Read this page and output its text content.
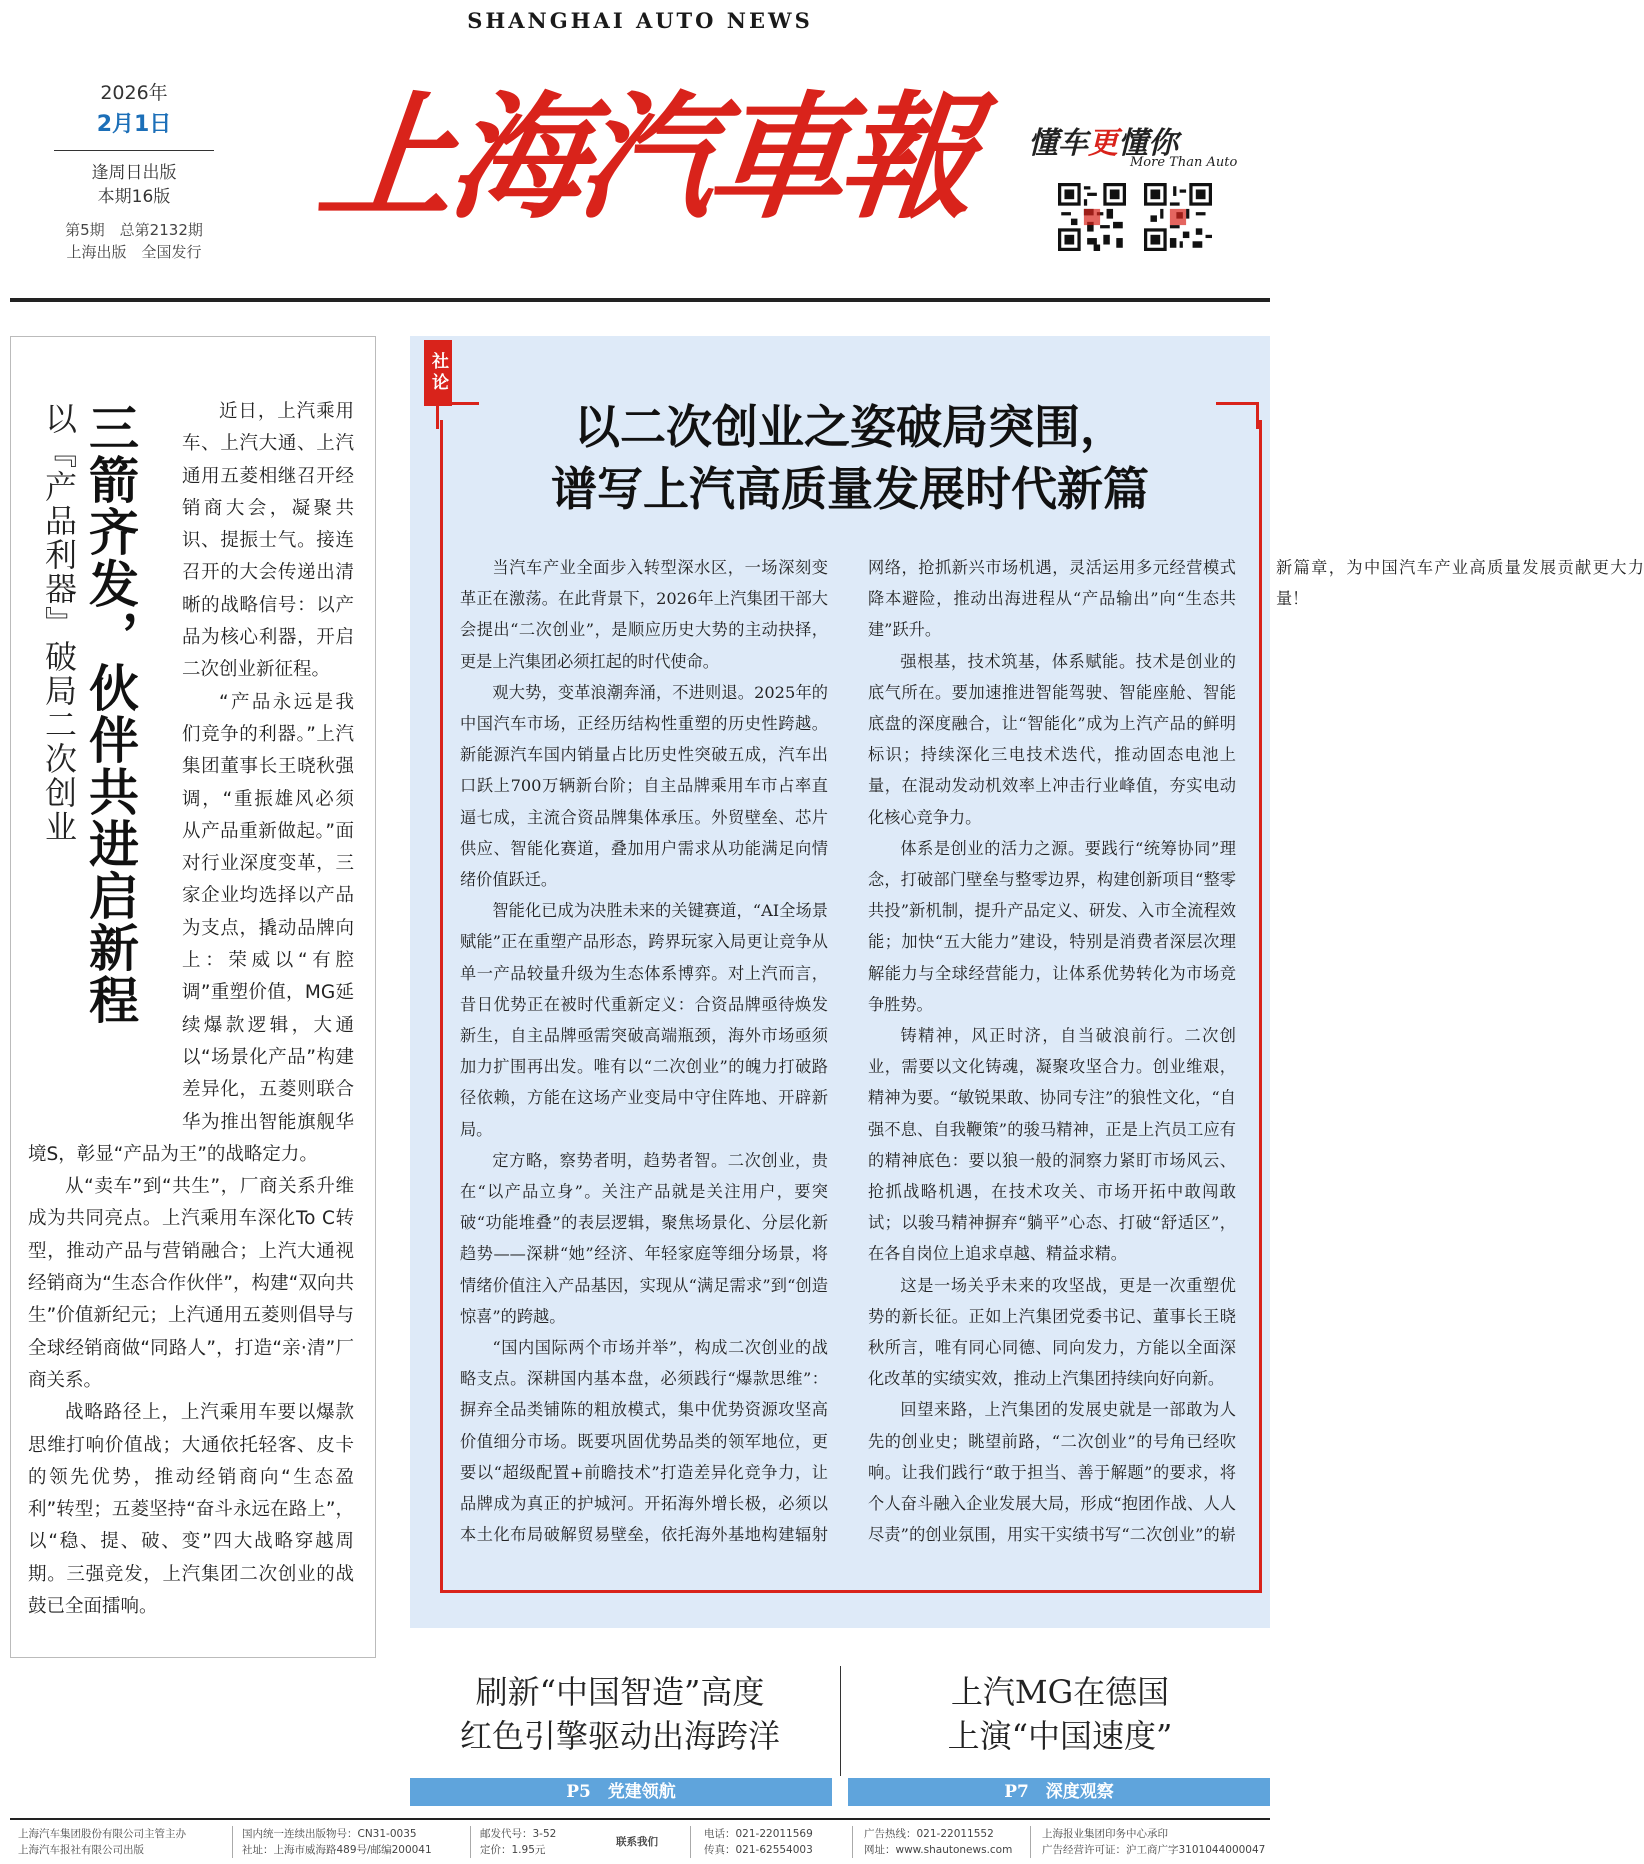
SHANGHAI AUTO NEWS
2026年
2月1日
逢周日出版
本期16版
第5期　总第2132期
上海出版　全国发行
上海汽車報 懂车更懂你
More Than Auto
以『产品利器』破局二次创业 三箭齐发，伙伴共进启新程	近日，上汽乘用车、上汽大通、上汽通用五菱相继召开经销商大会，凝聚共识、提振士气。接连召开的大会传递出清晰的战略信号：以产品为核心利器，开启二次创业新征程。

“产品永远是我们竞争的利器。”上汽集团董事长王晓秋强调，“重振雄风必须从产品重新做起。”面对行业深度变革，三家企业均选择以产品为支点，撬动品牌向上：荣威以“有腔调”重塑价值，MG延续爆款逻辑，大通以“场景化产品”构建差异化，五菱则联合华为推出智能旗舰华境S，彰显“产品为王”的战略定力。

从“卖车”到“共生”，厂商关系升维成为共同亮点。上汽乘用车深化To C转型，推动产品与营销融合；上汽大通视经销商为“生态合作伙伴”，构建“双向共生”价值新纪元；上汽通用五菱则倡导与全球经销商做“同路人”，打造“亲·清”厂商关系。

战略路径上，上汽乘用车要以爆款思维打响价值战；大通依托轻客、皮卡的领先优势，推动经销商向“生态盈利”转型；五菱坚持“奋斗永远在路上”，以“稳、提、破、变”四大战略穿越周期。三强竞发，上汽集团二次创业的战鼓已全面擂响。

社论
以二次创业之姿破局突围，
谱写上汽高质量发展时代新篇

当汽车产业全面步入转型深水区，一场深刻变革正在激荡。在此背景下，2026年上汽集团干部大会提出“二次创业”，是顺应历史大势的主动抉择，更是上汽集团必须扛起的时代使命。

观大势，变革浪潮奔涌，不进则退。2025年的中国汽车市场，正经历结构性重塑的历史性跨越。新能源汽车国内销量占比历史性突破五成，汽车出口跃上700万辆新台阶；自主品牌乘用车市占率直逼七成，主流合资品牌集体承压。外贸壁垒、芯片供应、智能化赛道，叠加用户需求从功能满足向情绪价值跃迁。

智能化已成为决胜未来的关键赛道，“AI全场景赋能”正在重塑产品形态，跨界玩家入局更让竞争从单一产品较量升级为生态体系博弈。对上汽而言，昔日优势正在被时代重新定义：合资品牌亟待焕发新生，自主品牌亟需突破高端瓶颈，海外市场亟须加力扩围再出发。唯有以“二次创业”的魄力打破路径依赖，方能在这场产业变局中守住阵地、开辟新局。

定方略，察势者明，趋势者智。二次创业，贵在“以产品立身”。关注产品就是关注用户，要突破“功能堆叠”的表层逻辑，聚焦场景化、分层化新趋势——深耕“她”经济、年轻家庭等细分场景，将情绪价值注入产品基因，实现从“满足需求”到“创造惊喜”的跨越。

“国内国际两个市场并举”，构成二次创业的战略支点。深耕国内基本盘，必须践行“爆款思维”：摒弃全品类铺陈的粗放模式，集中优势资源攻坚高价值细分市场。既要巩固优势品类的领军地位，更要以“超级配置+前瞻技术”打造差异化竞争力，让品牌成为真正的护城河。开拓海外增长极，必须以本土化布局破解贸易壁垒，依托海外基地构建辐射网络，抢抓新兴市场机遇，灵活运用多元经营模式降本避险，推动出海进程从“产品输出”向“生态共建”跃升。

强根基，技术筑基，体系赋能。技术是创业的底气所在。要加速推进智能驾驶、智能座舱、智能底盘的深度融合，让“智能化”成为上汽产品的鲜明标识；持续深化三电技术迭代，推动固态电池上量，在混动发动机效率上冲击行业峰值，夯实电动化核心竞争力。

体系是创业的活力之源。要践行“统筹协同”理念，打破部门壁垒与整零边界，构建创新项目“整零共投”新机制，提升产品定义、研发、入市全流程效能；加快“五大能力”建设，特别是消费者深层次理解能力与全球经营能力，让体系优势转化为市场竞争胜势。

铸精神，风正时济，自当破浪前行。二次创业，需要以文化铸魂，凝聚攻坚合力。创业维艰，精神为要。“敏锐果敢、协同专注”的狼性文化，“自强不息、自我鞭策”的骏马精神，正是上汽员工应有的精神底色：要以狼一般的洞察力紧盯市场风云、抢抓战略机遇，在技术攻关、市场开拓中敢闯敢试；以骏马精神摒弃“躺平”心态、打破“舒适区”，在各自岗位上追求卓越、精益求精。

这是一场关乎未来的攻坚战，更是一次重塑优势的新长征。正如上汽集团党委书记、董事长王晓秋所言，唯有同心同德、同向发力，方能以全面深化改革的实绩实效，推动上汽集团持续向好向新。

回望来路，上汽集团的发展史就是一部敢为人先的创业史；眺望前路，“二次创业”的号角已经吹响。让我们践行“敢于担当、善于解题”的要求，将个人奋斗融入企业发展大局，形成“抱团作战、人人尽责”的创业氛围，用实干实绩书写“二次创业”的崭新篇章，为中国汽车产业高质量发展贡献更大力量！

刷新“中国智造”高度
红色引擎驱动出海跨洋
上汽MG在德国
上演“中国速度”
P5　党建领航	P7　深度观察
上海汽车集团股份有限公司主管主办
上海汽车报社有限公司出版
国内统一连续出版物号：CN31-0035
社址：上海市威海路489号/邮编200041
邮发代号：3-52
定价：1.95元
联系我们
电话：021-22011569
传真：021-62554003
广告热线：021-22011552
网址：www.shautonews.com
上海报业集团印务中心承印
广告经营许可证：沪工商广字3101044000047
